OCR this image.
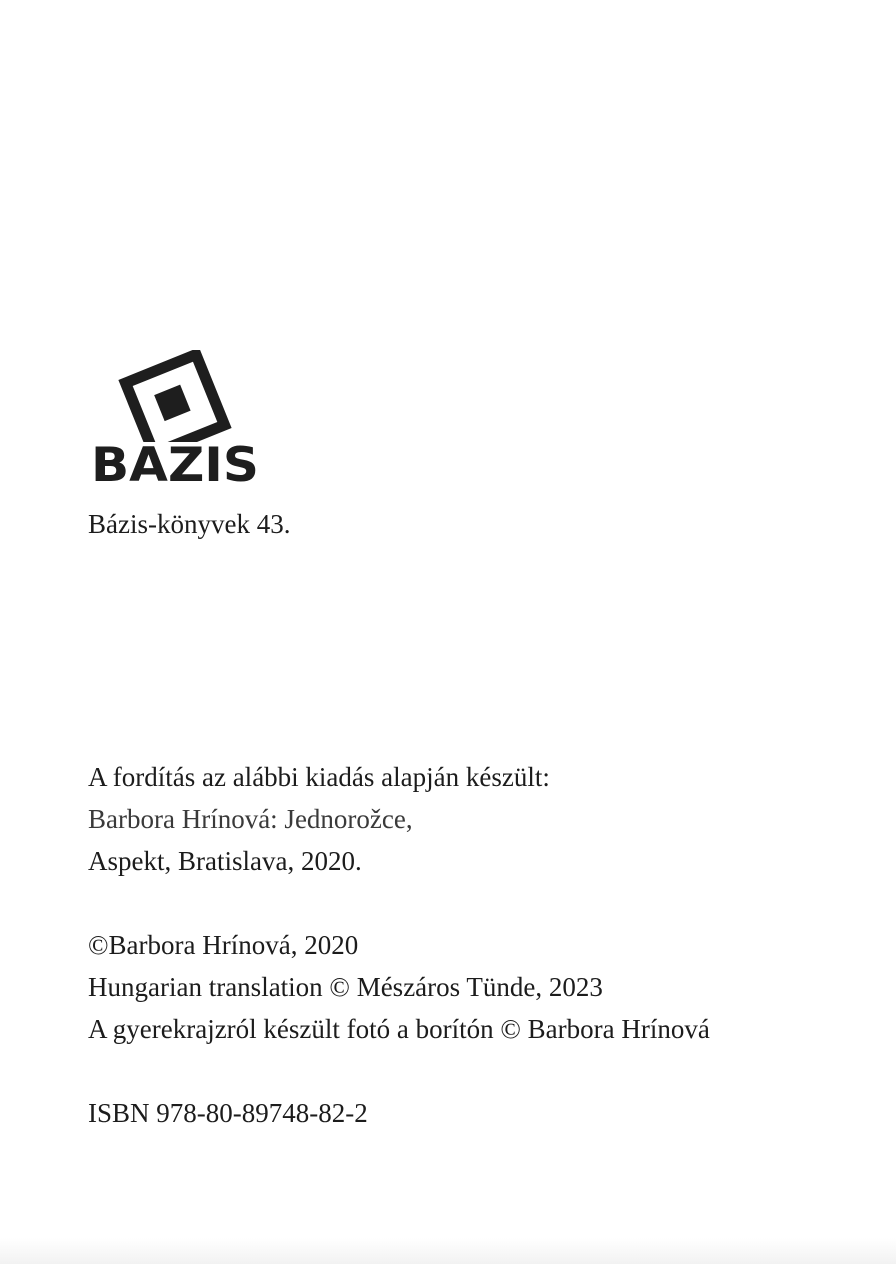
BAZIS

Bázis-könyvek 43.

A fordítás az alábbi kiadás alapján készült:
Barbora Hrínová: Jednorožce,
Aspekt, Bratislava, 2020.
©Barbora Hrínová, 2020
Hungarian translation © Mészáros Tünde, 2023
A gyerekrajzról készült fotó a borítón © Barbora Hrínová
ISBN 978-80-89748-82-2
